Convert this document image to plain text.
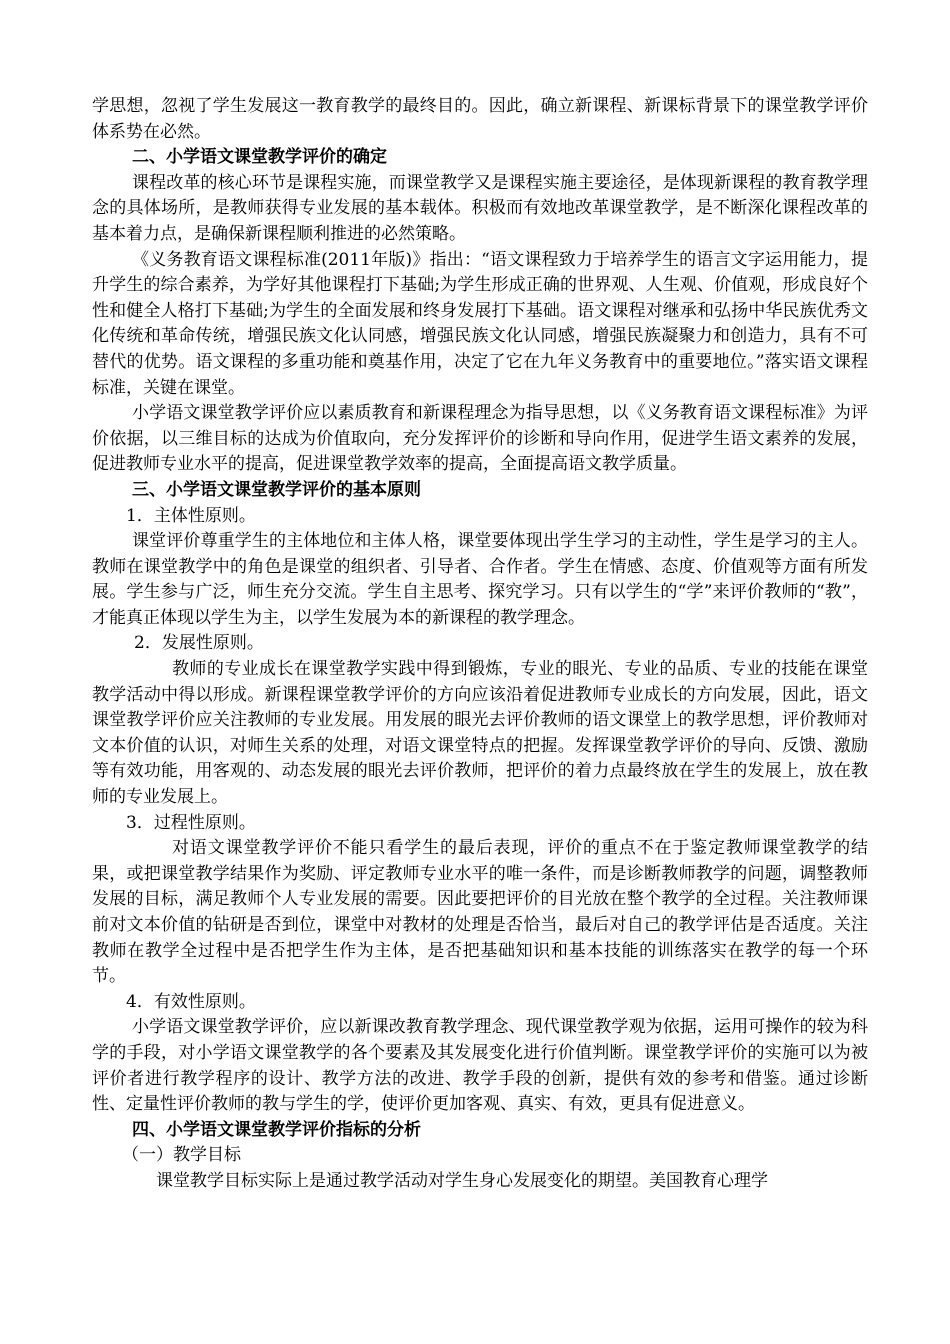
学思想，忽视了学生发展这一教育教学的最终目的。因此，确立新课程、新课标背景下的课堂教学评价体系势在必然。

二、小学语文课堂教学评价的确定

课程改革的核心环节是课程实施，而课堂教学又是课程实施主要途径，是体现新课程的教育教学理念的具体场所，是教师获得专业发展的基本载体。积极而有效地改革课堂教学，是不断深化课程改革的基本着力点，是确保新课程顺利推进的必然策略。

《义务教育语文课程标准(2011年版)》指出：“语文课程致力于培养学生的语言文字运用能力，提升学生的综合素养，为学好其他课程打下基础;为学生形成正确的世界观、人生观、价值观，形成良好个性和健全人格打下基础;为学生的全面发展和终身发展打下基础。语文课程对继承和弘扬中华民族优秀文化传统和革命传统，增强民族文化认同感，增强民族文化认同感，增强民族凝聚力和创造力，具有不可替代的优势。语文课程的多重功能和奠基作用，决定了它在九年义务教育中的重要地位。”落实语文课程标准，关键在课堂。

小学语文课堂教学评价应以素质教育和新课程理念为指导思想，以《义务教育语文课程标准》为评价依据，以三维目标的达成为价值取向，充分发挥评价的诊断和导向作用，促进学生语文素养的发展，促进教师专业水平的提高，促进课堂教学效率的提高，全面提高语文教学质量。

三、小学语文课堂教学评价的基本原则

1．主体性原则。

课堂评价尊重学生的主体地位和主体人格，课堂要体现出学生学习的主动性，学生是学习的主人。教师在课堂教学中的角色是课堂的组织者、引导者、合作者。学生在情感、态度、价值观等方面有所发展。学生参与广泛，师生充分交流。学生自主思考、探究学习。只有以学生的“学”来评价教师的“教”，才能真正体现以学生为主，以学生发展为本的新课程的教学理念。

2．发展性原则。

教师的专业成长在课堂教学实践中得到锻炼，专业的眼光、专业的品质、专业的技能在课堂教学活动中得以形成。新课程课堂教学评价的方向应该沿着促进教师专业成长的方向发展，因此，语文课堂教学评价应关注教师的专业发展。用发展的眼光去评价教师的语文课堂上的教学思想，评价教师对文本价值的认识，对师生关系的处理，对语文课堂特点的把握。发挥课堂教学评价的导向、反馈、激励等有效功能，用客观的、动态发展的眼光去评价教师，把评价的着力点最终放在学生的发展上，放在教师的专业发展上。

3．过程性原则。

对语文课堂教学评价不能只看学生的最后表现，评价的重点不在于鉴定教师课堂教学的结果，或把课堂教学结果作为奖励、评定教师专业水平的唯一条件，而是诊断教师教学的问题，调整教师发展的目标，满足教师个人专业发展的需要。因此要把评价的目光放在整个教学的全过程。关注教师课前对文本价值的钻研是否到位，课堂中对教材的处理是否恰当，最后对自己的教学评估是否适度。关注教师在教学全过程中是否把学生作为主体，是否把基础知识和基本技能的训练落实在教学的每一个环节。

4．有效性原则。

小学语文课堂教学评价，应以新课改教育教学理念、现代课堂教学观为依据，运用可操作的较为科学的手段，对小学语文课堂教学的各个要素及其发展变化进行价值判断。课堂教学评价的实施可以为被评价者进行教学程序的设计、教学方法的改进、教学手段的创新，提供有效的参考和借鉴。通过诊断性、定量性评价教师的教与学生的学，使评价更加客观、真实、有效，更具有促进意义。

四、小学语文课堂教学评价指标的分析

（一）教学目标

课堂教学目标实际上是通过教学活动对学生身心发展变化的期望。美国教育心理学
